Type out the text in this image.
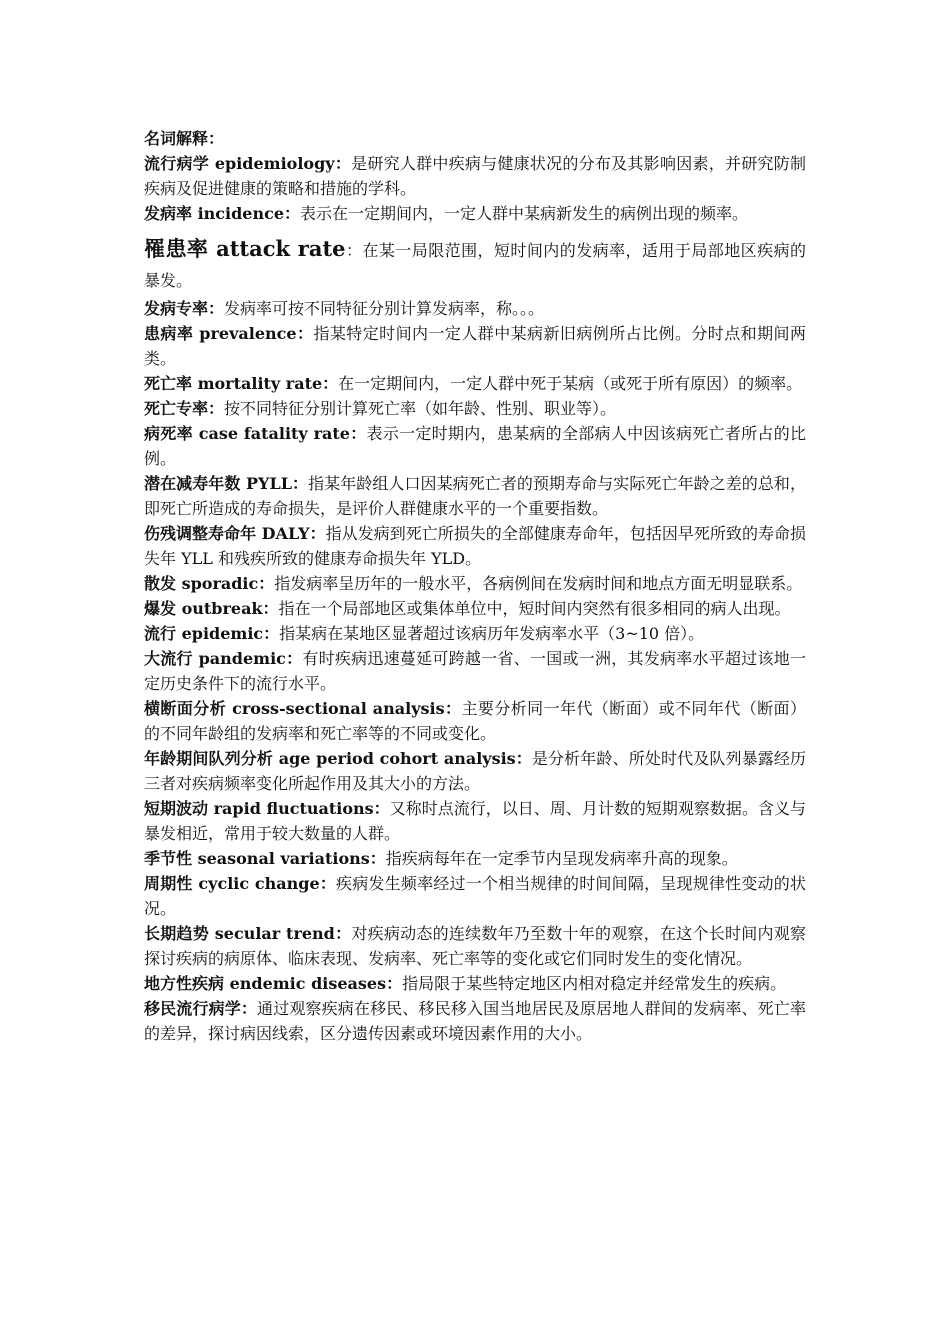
名词解释：

流行病学 epidemiology：是研究人群中疾病与健康状况的分布及其影响因素，并研究防制疾病及促进健康的策略和措施的学科。

发病率 incidence：表示在一定期间内，一定人群中某病新发生的病例出现的频率。

罹患率 attack rate：在某一局限范围，短时间内的发病率，适用于局部地区疾病的暴发。

发病专率：发病率可按不同特征分别计算发病率，称。。。

患病率 prevalence：指某特定时间内一定人群中某病新旧病例所占比例。分时点和期间两类。

死亡率 mortality rate：在一定期间内，一定人群中死于某病（或死于所有原因）的频率。

死亡专率：按不同特征分别计算死亡率（如年龄、性别、职业等）。

病死率 case fatality rate：表示一定时期内，患某病的全部病人中因该病死亡者所占的比例。

潜在减寿年数 PYLL：指某年龄组人口因某病死亡者的预期寿命与实际死亡年龄之差的总和，即死亡所造成的寿命损失，是评价人群健康水平的一个重要指数。

伤残调整寿命年 DALY：指从发病到死亡所损失的全部健康寿命年，包括因早死所致的寿命损失年 YLL 和残疾所致的健康寿命损失年 YLD。

散发 sporadic：指发病率呈历年的一般水平，各病例间在发病时间和地点方面无明显联系。

爆发 outbreak：指在一个局部地区或集体单位中，短时间内突然有很多相同的病人出现。

流行 epidemic：指某病在某地区显著超过该病历年发病率水平（3~10 倍）。

大流行 pandemic：有时疾病迅速蔓延可跨越一省、一国或一洲，其发病率水平超过该地一定历史条件下的流行水平。

横断面分析 cross-sectional analysis：主要分析同一年代（断面）或不同年代（断面）的不同年龄组的发病率和死亡率等的不同或变化。

年龄期间队列分析 age period cohort analysis：是分析年龄、所处时代及队列暴露经历三者对疾病频率变化所起作用及其大小的方法。

短期波动 rapid fluctuations：又称时点流行，以日、周、月计数的短期观察数据。含义与暴发相近，常用于较大数量的人群。

季节性 seasonal variations：指疾病每年在一定季节内呈现发病率升高的现象。

周期性 cyclic change：疾病发生频率经过一个相当规律的时间间隔，呈现规律性变动的状况。

长期趋势 secular trend：对疾病动态的连续数年乃至数十年的观察，在这个长时间内观察探讨疾病的病原体、临床表现、发病率、死亡率等的变化或它们同时发生的变化情况。

地方性疾病 endemic diseases：指局限于某些特定地区内相对稳定并经常发生的疾病。

移民流行病学：通过观察疾病在移民、移民移入国当地居民及原居地人群间的发病率、死亡率的差异，探讨病因线索，区分遗传因素或环境因素作用的大小。
